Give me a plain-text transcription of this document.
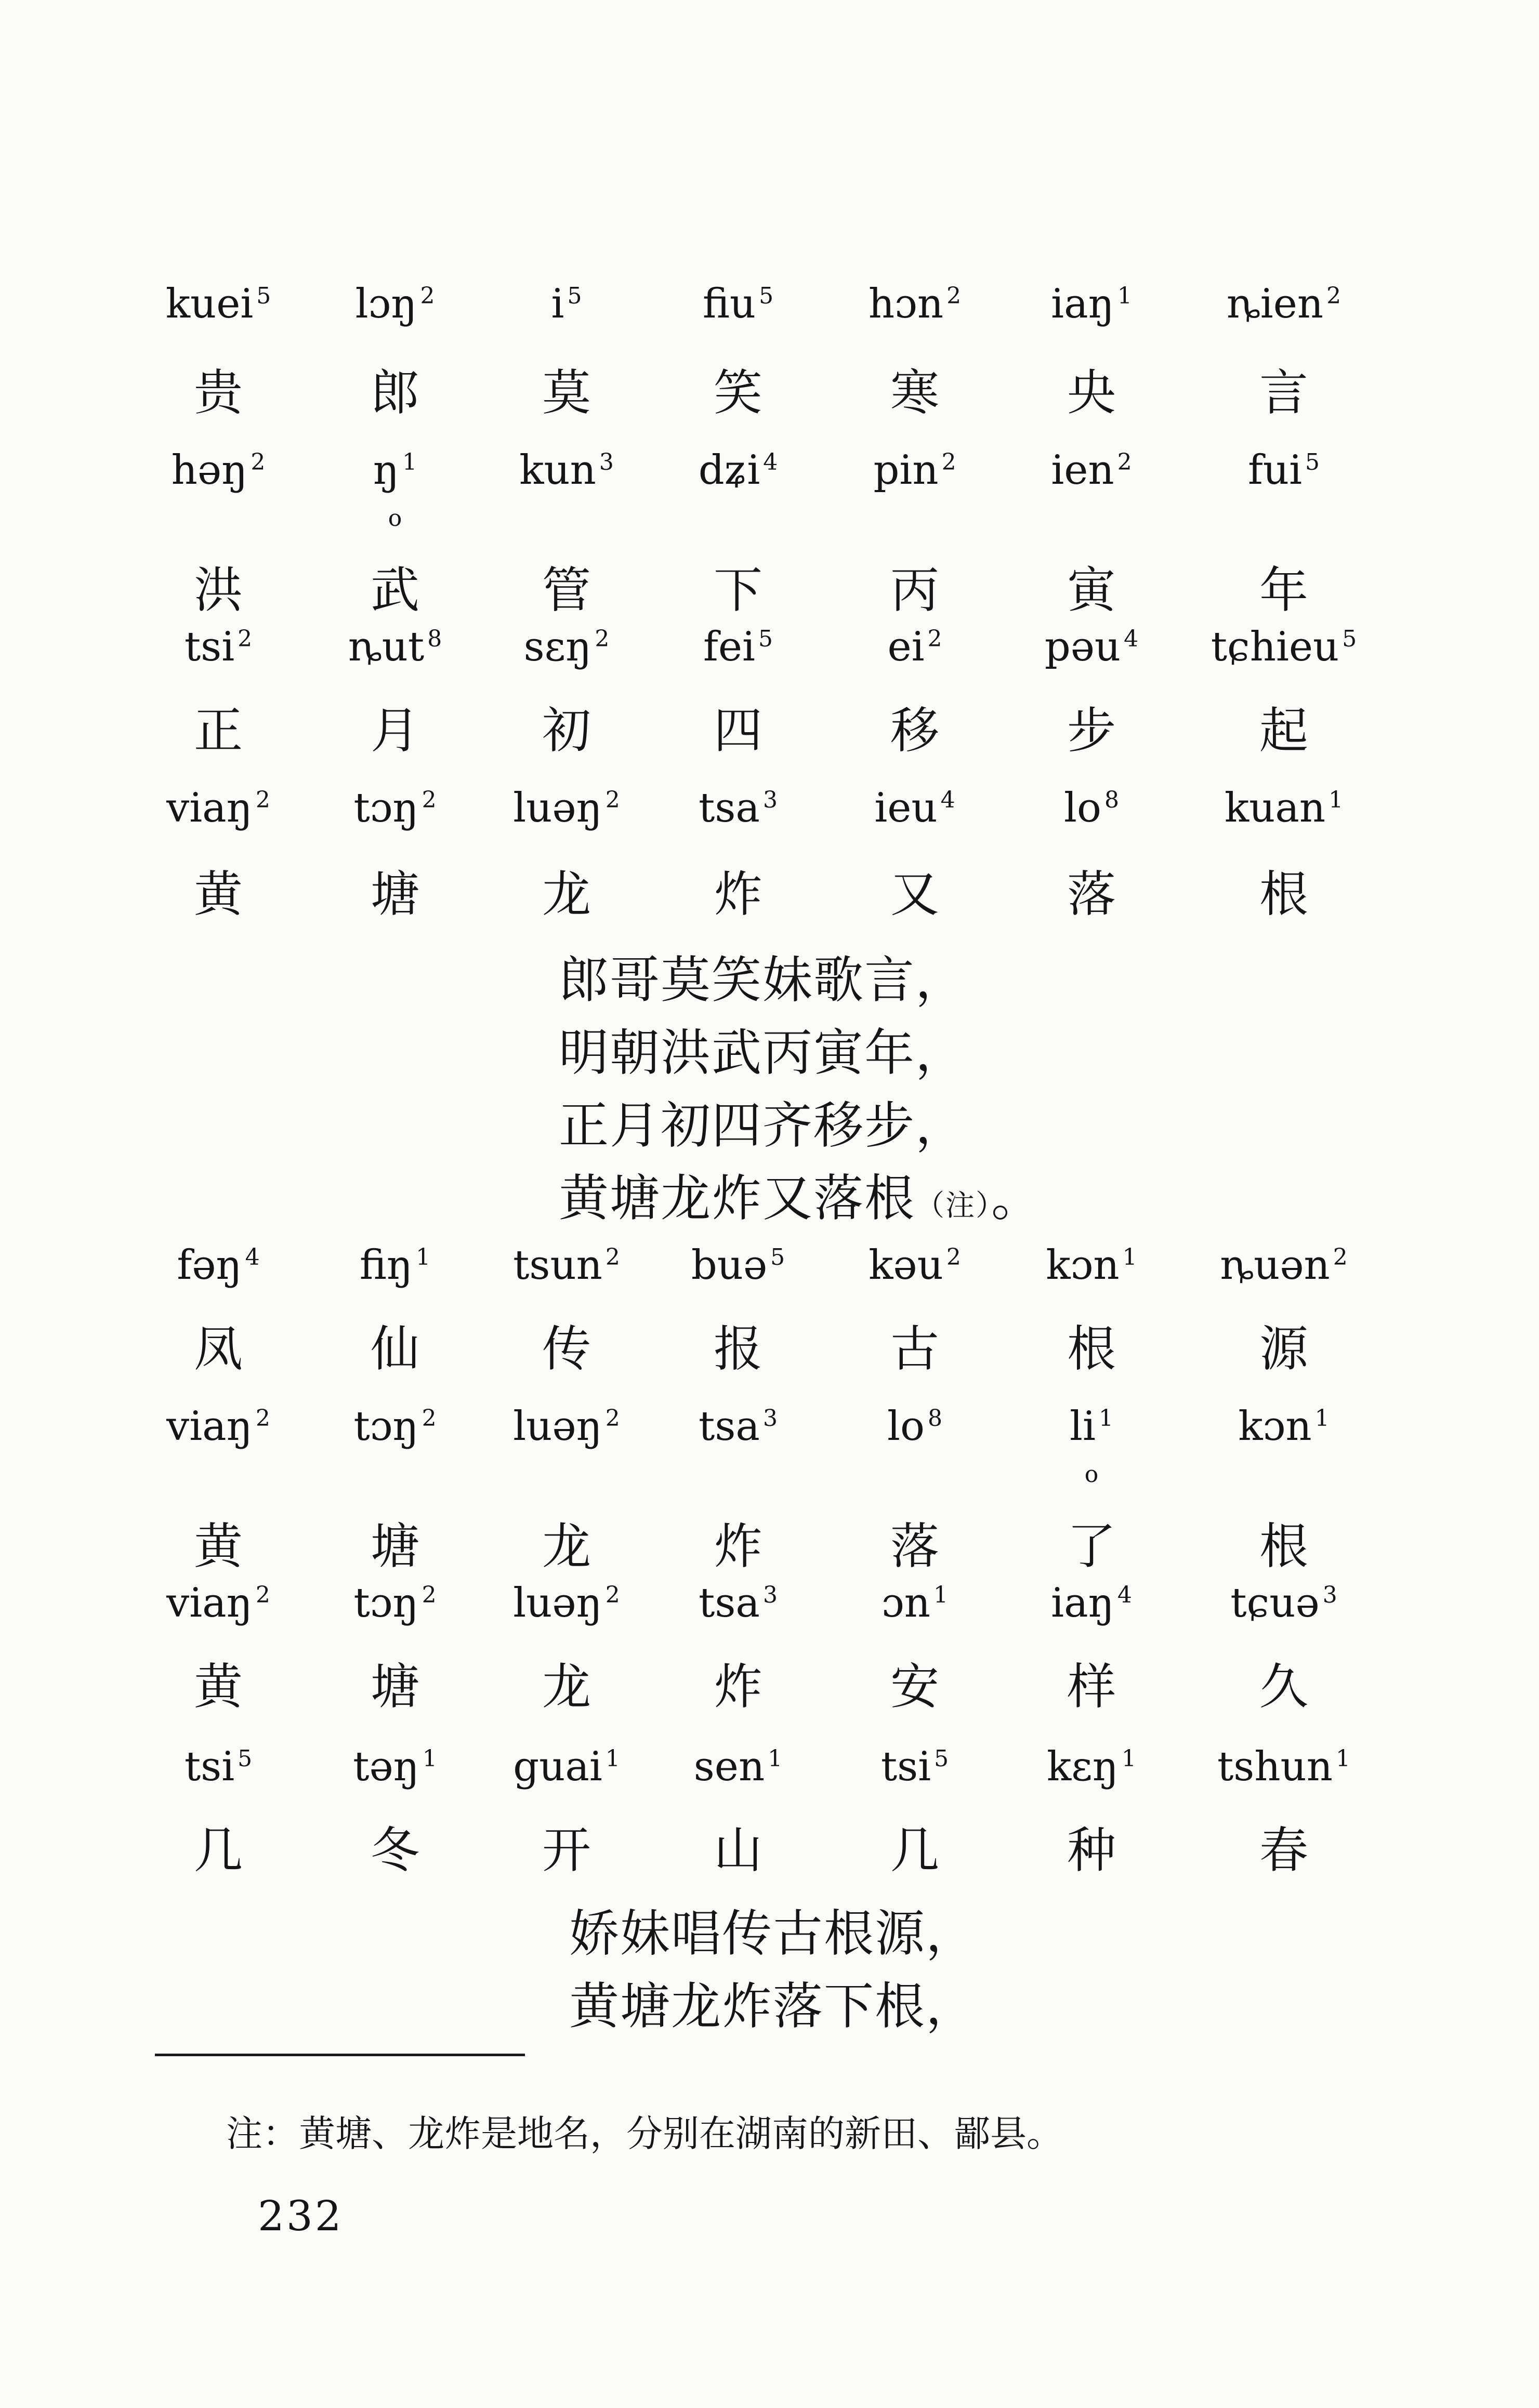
kuei $^5$
贵
lɔŋ $^2$
郎
i $^5$
莫
fiu $^5$
笑
hɔn $^2$
寒
iaŋ $^1$
央
ȵien $^2$
言
həŋ $^2$
洪
ŋ $^1$
o
武
kun $^3$
管
dʑi $^4$
下
pin $^2$
丙
ien $^2$
寅
fui $^5$
年
tsi $^2$
正
ȵut $^8$
月
sɛŋ $^2$
初
fei $^5$
四
ei $^2$
移
pəu $^4$
步
tɕhieu $^5$
起
viaŋ $^2$
黄
tɔŋ $^2$
塘
luəŋ $^2$
龙
tsa $^3$
炸
ieu $^4$
又
lo $^8$
落
kuan $^1$
根
郎哥莫笑妹歌言，
明朝洪武丙寅年，
正月初四齐移步，
黄塘龙炸又落根（注）。
fəŋ $^4$
凤
fiŋ $^1$
仙
tsun $^2$
传
buə $^5$
报
kəu $^2$
古
kɔn $^1$
根
ȵuən $^2$
源
viaŋ $^2$
黄
tɔŋ $^2$
塘
luəŋ $^2$
龙
tsa $^3$
炸
lo $^8$
落
li $^1$
o
了
kɔn $^1$
根
viaŋ $^2$
黄
tɔŋ $^2$
塘
luəŋ $^2$
龙
tsa $^3$
炸
ɔn $^1$
安
iaŋ $^4$
样
tɕuə $^3$
久
tsi $^5$
几
təŋ $^1$
冬
guai $^1$
开
sen $^1$
山
tsi $^5$
几
kɛŋ $^1$
种
tshun $^1$
春
娇妹唱传古根源，
黄塘龙炸落下根，
注：黄塘、龙炸是地名，分别在湖南的新田、鄙县。
232
